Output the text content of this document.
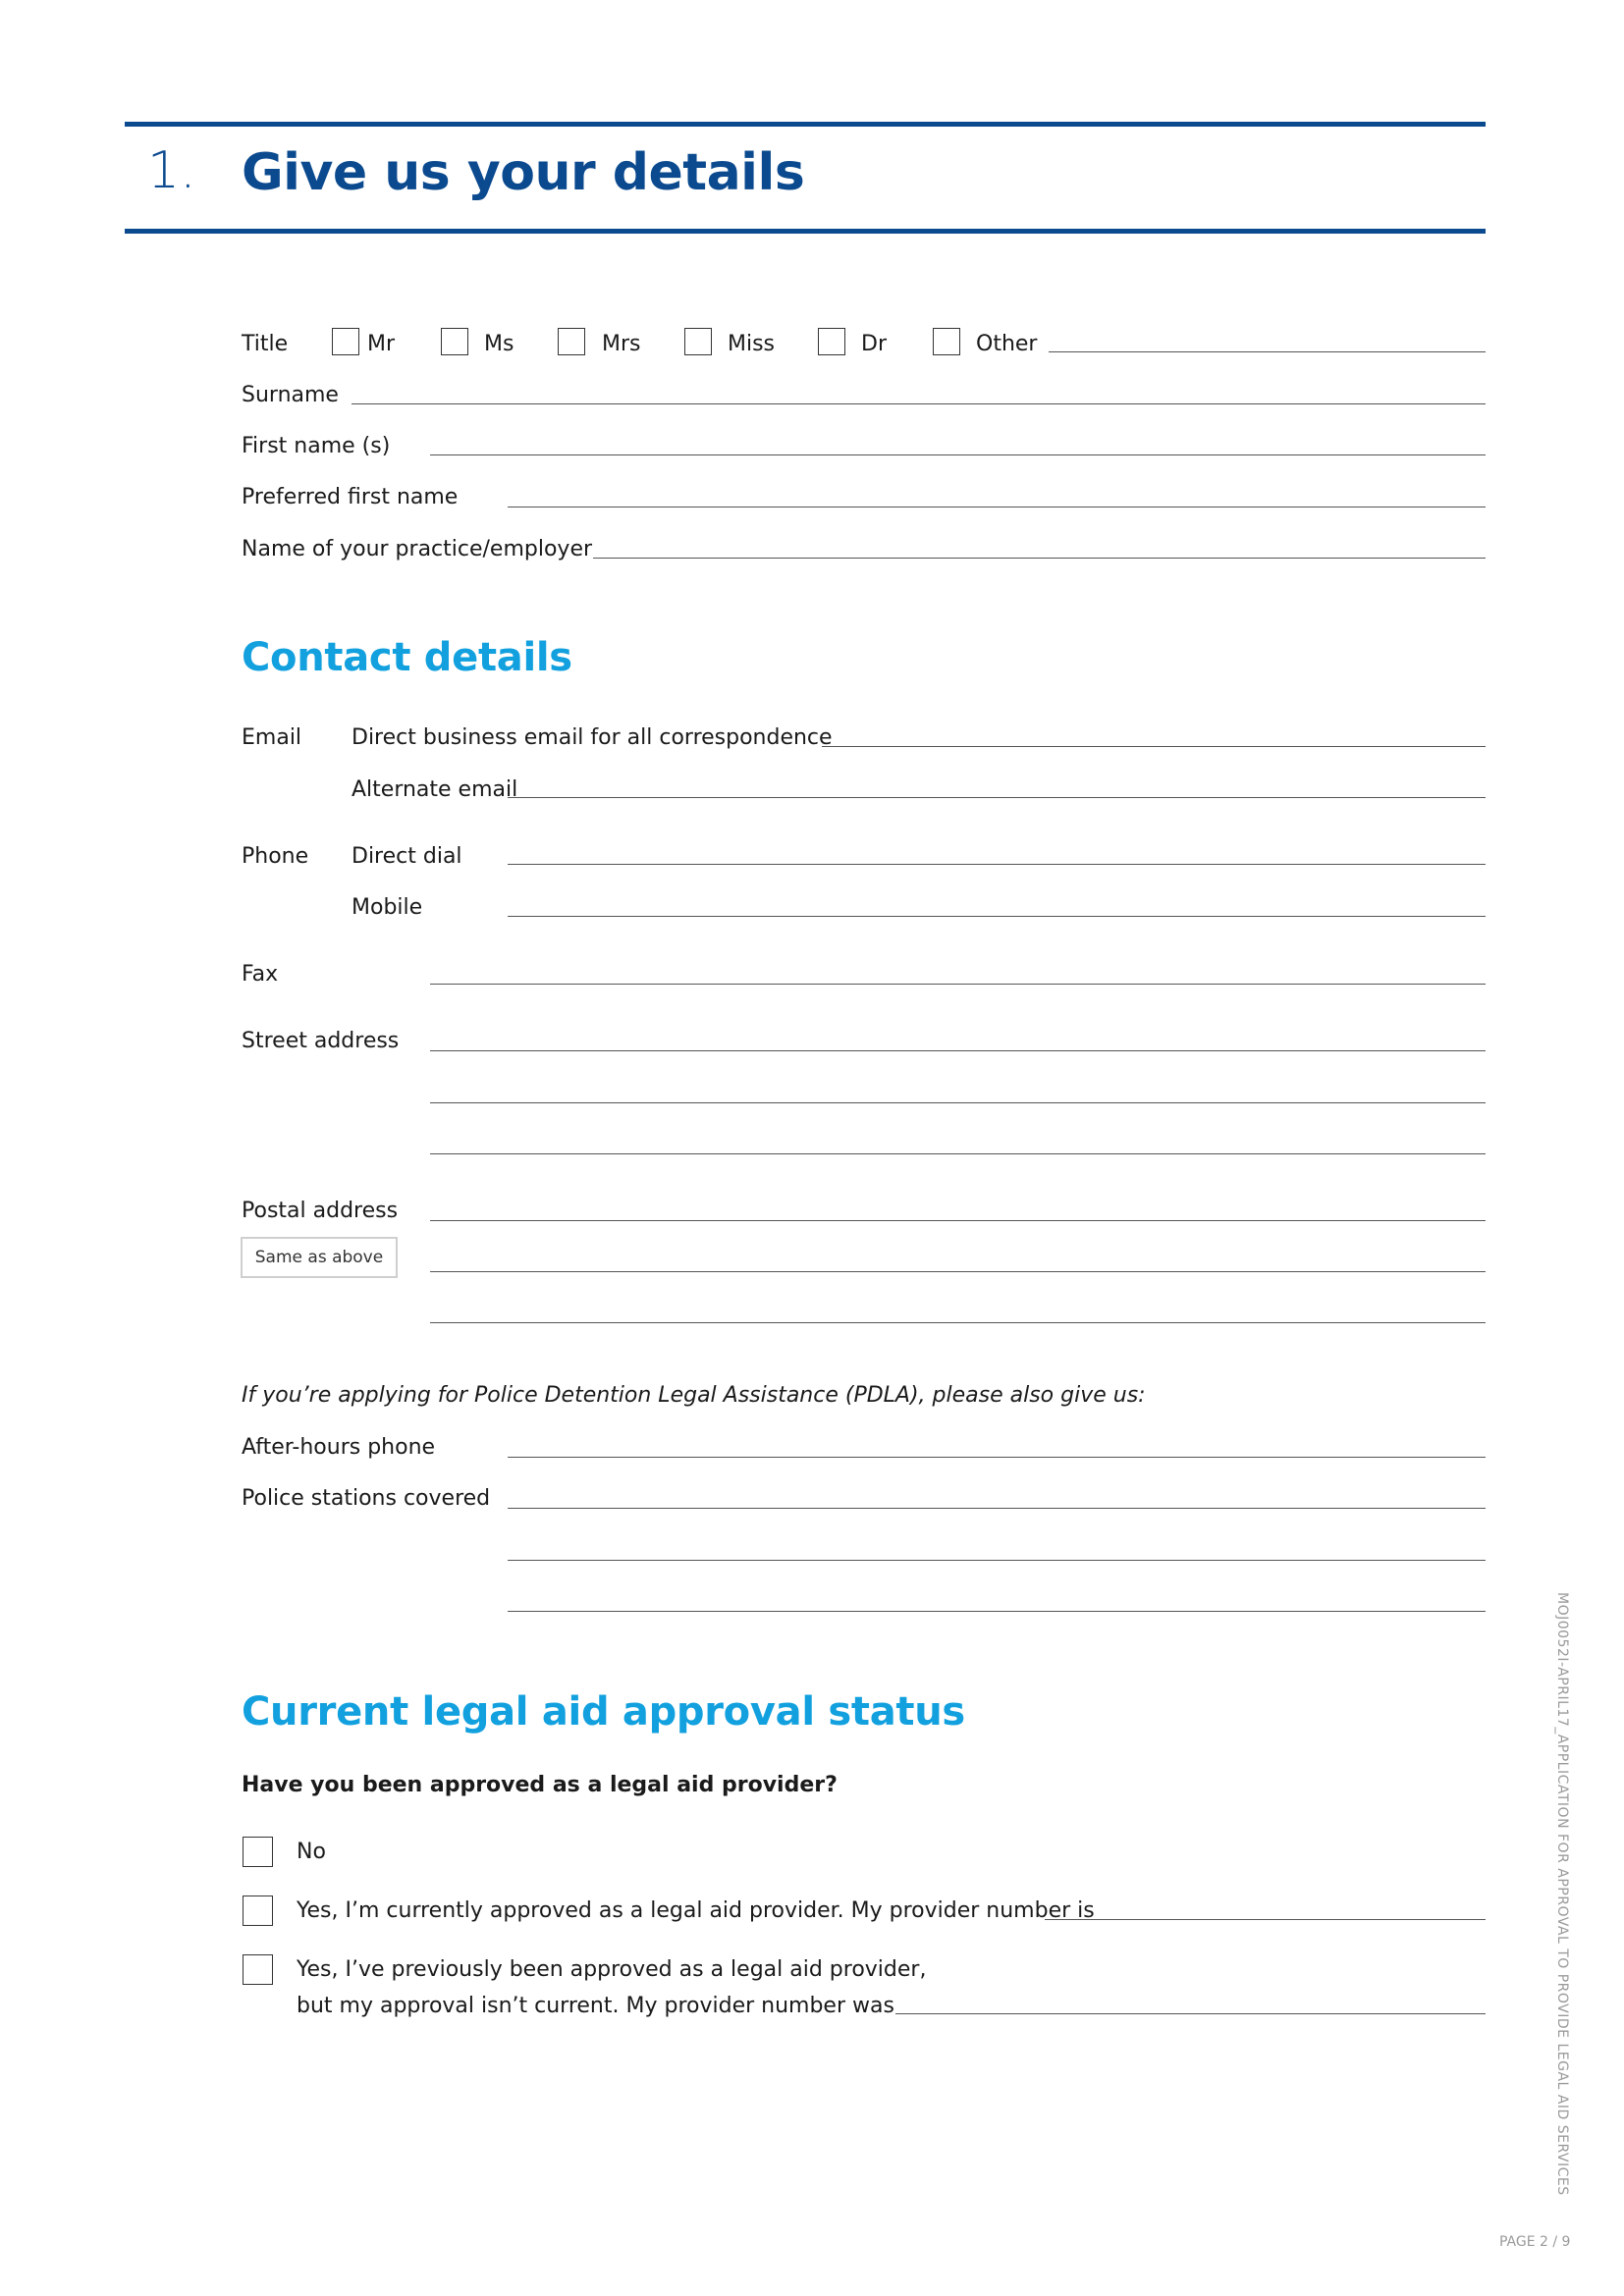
1. Give us your details
Title	Mr	Ms	Mrs	Miss	Dr	Other
Surname
First name (s)
Preferred first name
Name of your practice/employer
Contact details
Email Direct business email for all correspondence
Alternate email
Phone Direct dial
Mobile
Fax
Street address
Postal address
Same as above
If you’re applying for Police Detention Legal Assistance (PDLA), please also give us:
After-hours phone
Police stations covered
Current legal aid approval status
Have you been approved as a legal aid provider?
No
Yes, I’m currently approved as a legal aid provider. My provider number is
Yes, I’ve previously been approved as a legal aid provider,
but my approval isn’t current. My provider number was	MOJ0052I-APRIL17_APPLICATION FOR APPROVAL TO PROVIDE LEGAL AID SERVICES
PAGE 2 / 9
